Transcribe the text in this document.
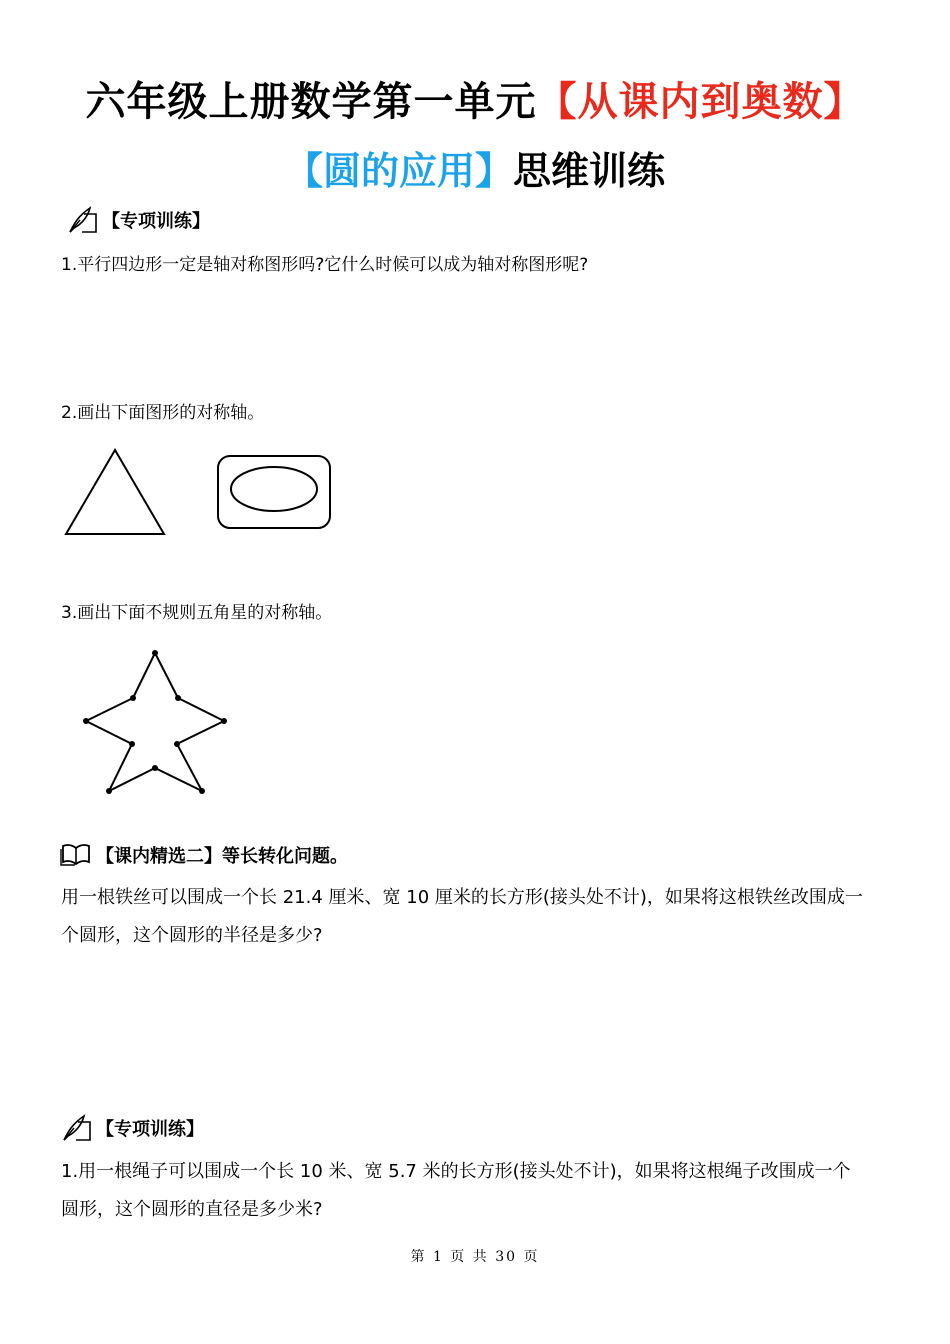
六年级上册数学第一单元【从课内到奥数】
【圆的应用】思维训练
【专项训练】
1.平行四边形一定是轴对称图形吗?它什么时候可以成为轴对称图形呢?
2.画出下面图形的对称轴。
3.画出下面不规则五角星的对称轴。
【课内精选二】等长转化问题。
用一根铁丝可以围成一个长 21.4 厘米、宽 10 厘米的长方形(接头处不计)，如果将这根铁丝改围成一
个圆形，这个圆形的半径是多少?
【专项训练】
1.用一根绳子可以围成一个长 10 米、宽 5.7 米的长方形(接头处不计)，如果将这根绳子改围成一个
圆形，这个圆形的直径是多少米?
第 1 页 共 30 页
